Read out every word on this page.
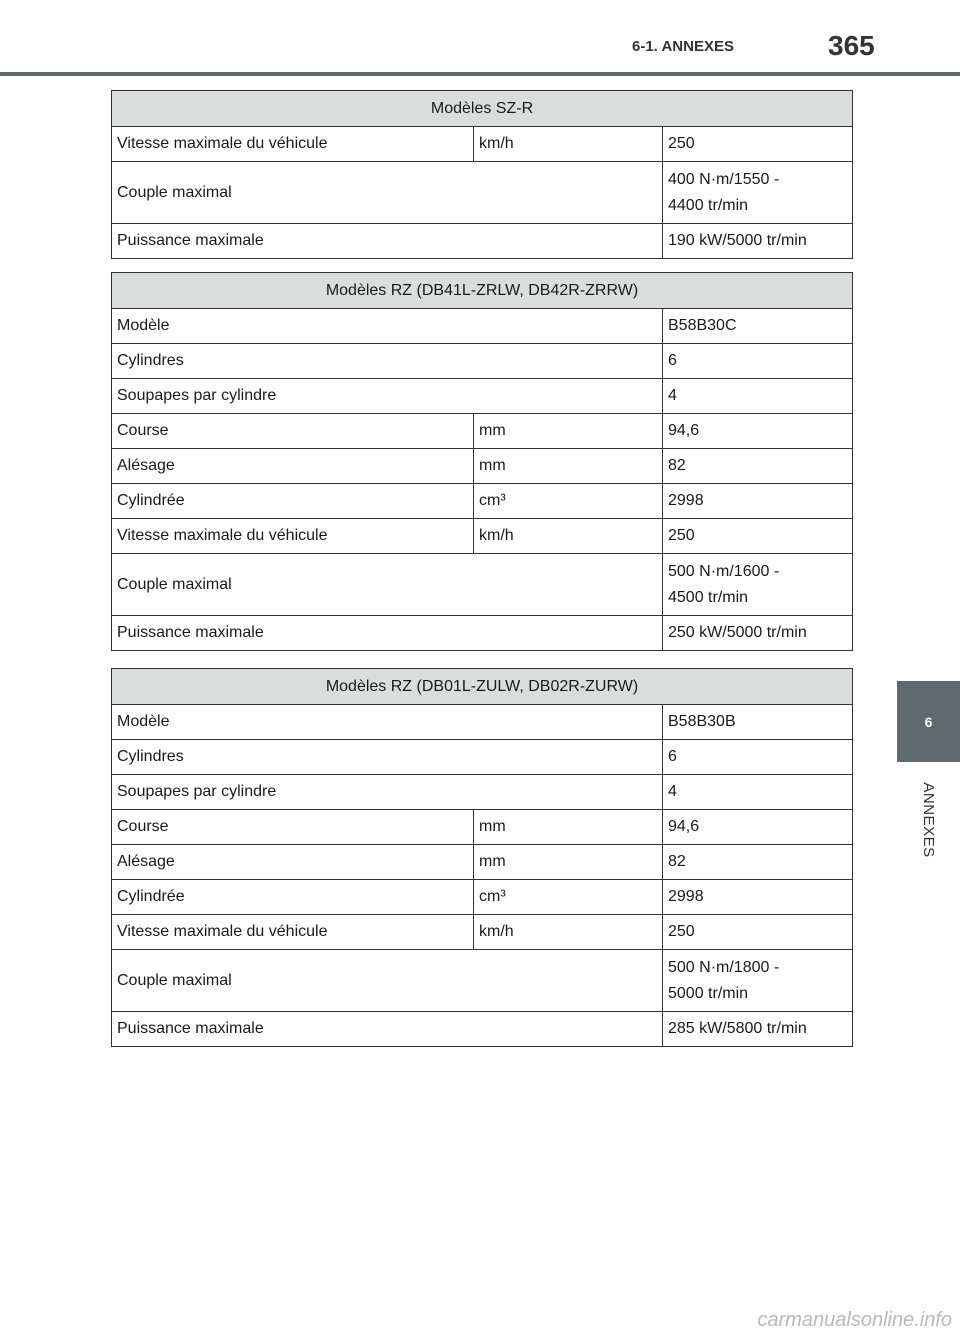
6-1. ANNEXES	365
6
ANNEXES
Modèles SZ-R		
Vitesse maximale du véhicule	km/h	250
Couple maximal		400 N·m/1550 -
4400 tr/min

Puissance maximale		190 kW/5000 tr/min
Modèles RZ (DB41L-ZRLW, DB42R-ZRRW)		
Modèle		B58B30C
Cylindres		6
Soupapes par cylindre		4
Course	mm	94,6
Alésage	mm	82
Cylindrée	cm³	2998
Vitesse maximale du véhicule	km/h	250
Couple maximal		500 N·m/1600 -
4500 tr/min

Puissance maximale		250 kW/5000 tr/min
Modèles RZ (DB01L-ZULW, DB02R-ZURW)		
Modèle		B58B30B
Cylindres		6
Soupapes par cylindre		4
Course	mm	94,6
Alésage	mm	82
Cylindrée	cm³	2998
Vitesse maximale du véhicule	km/h	250
Couple maximal		500 N·m/1800 -
5000 tr/min

Puissance maximale		285 kW/5800 tr/min
carmanualsonline.info
